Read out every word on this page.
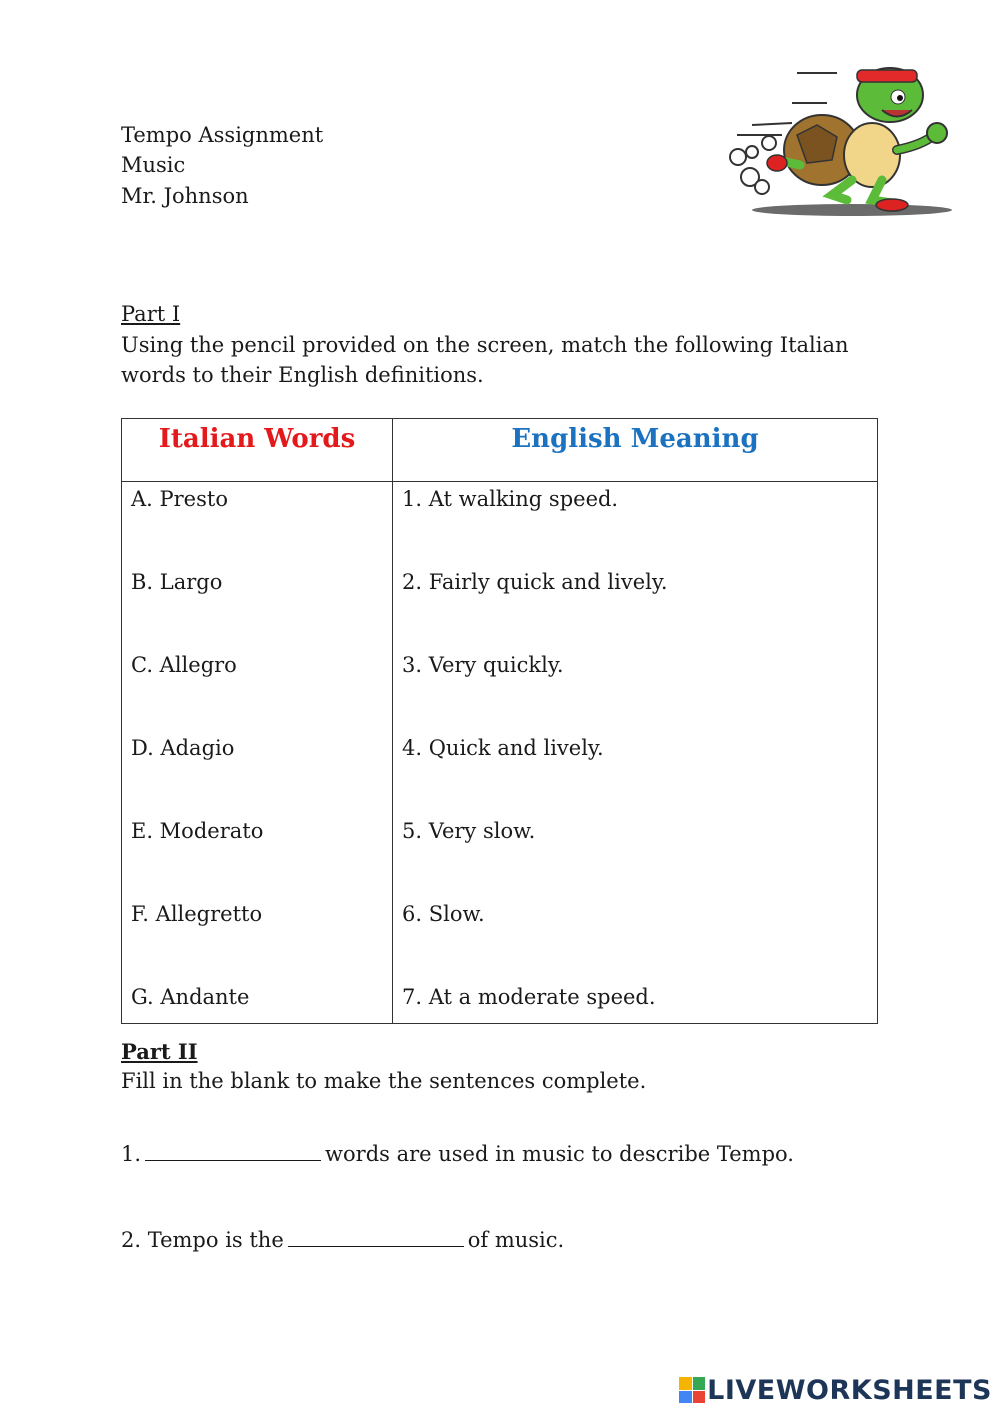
Tempo Assignment
Music
Mr. Johnson
Part I
Using the pencil provided on the screen, match the following Italian words to their English definitions.
Italian Words	English Meaning

A. Presto	1. At walking speed.

B. Largo	2. Fairly quick and lively.

C. Allegro	3. Very quickly.

D. Adagio	4. Quick and lively.

E. Moderato	5. Very slow.

F. Allegretto	6. Slow.

G. Andante	7. At a moderate speed.
Part II
Fill in the blank to make the sentences complete.
1.	words are used in music to describe Tempo.
2. Tempo is the	of music.
LIVEWORKSHEETS
